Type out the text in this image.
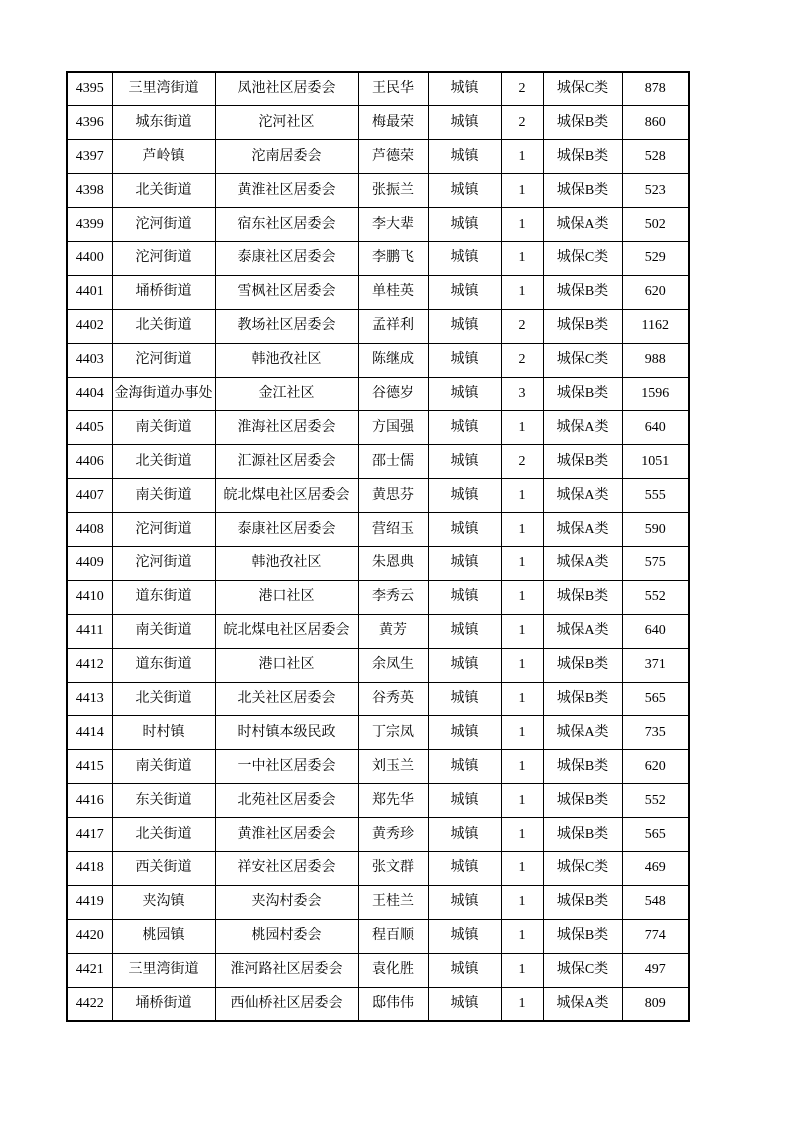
4395	三里湾街道	凤池社区居委会	王民华	城镇	2	城保C类	878
4396	城东街道	沱河社区	梅最荣	城镇	2	城保B类	860
4397	芦岭镇	沱南居委会	芦德荣	城镇	1	城保B类	528
4398	北关街道	黄淮社区居委会	张振兰	城镇	1	城保B类	523
4399	沱河街道	宿东社区居委会	李大辈	城镇	1	城保A类	502
4400	沱河街道	泰康社区居委会	李鹏飞	城镇	1	城保C类	529
4401	埇桥街道	雪枫社区居委会	单桂英	城镇	1	城保B类	620
4402	北关街道	教场社区居委会	孟祥利	城镇	2	城保B类	1162
4403	沱河街道	韩池孜社区	陈继成	城镇	2	城保C类	988
4404	金海街道办事处	金江社区	谷德岁	城镇	3	城保B类	1596
4405	南关街道	淮海社区居委会	方国强	城镇	1	城保A类	640
4406	北关街道	汇源社区居委会	邵士儒	城镇	2	城保B类	1051
4407	南关街道	皖北煤电社区居委会	黄思芬	城镇	1	城保A类	555
4408	沱河街道	泰康社区居委会	营绍玉	城镇	1	城保A类	590
4409	沱河街道	韩池孜社区	朱恩典	城镇	1	城保A类	575
4410	道东街道	港口社区	李秀云	城镇	1	城保B类	552
4411	南关街道	皖北煤电社区居委会	黄芳	城镇	1	城保A类	640
4412	道东街道	港口社区	余凤生	城镇	1	城保B类	371
4413	北关街道	北关社区居委会	谷秀英	城镇	1	城保B类	565
4414	时村镇	时村镇本级民政	丁宗凤	城镇	1	城保A类	735
4415	南关街道	一中社区居委会	刘玉兰	城镇	1	城保B类	620
4416	东关街道	北苑社区居委会	郑先华	城镇	1	城保B类	552
4417	北关街道	黄淮社区居委会	黄秀珍	城镇	1	城保B类	565
4418	西关街道	祥安社区居委会	张文群	城镇	1	城保C类	469
4419	夹沟镇	夹沟村委会	王桂兰	城镇	1	城保B类	548
4420	桃园镇	桃园村委会	程百顺	城镇	1	城保B类	774
4421	三里湾街道	淮河路社区居委会	袁化胜	城镇	1	城保C类	497
4422	埇桥街道	西仙桥社区居委会	邸伟伟	城镇	1	城保A类	809
